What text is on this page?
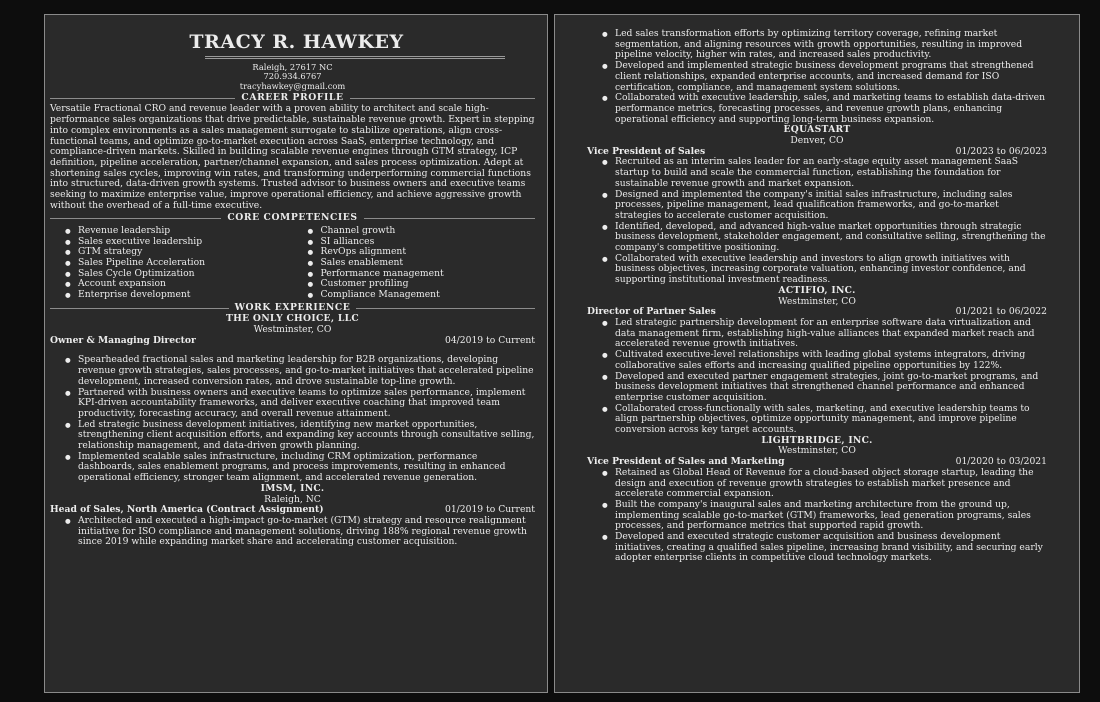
TRACY R. HAWKEY
Raleigh, 27617 NC
720.934.6767
tracyhawkey@gmail.com
CAREER PROFILE

Versatile Fractional CRO and revenue leader with a proven ability to architect and scale high-performance sales organizations that drive predictable, sustainable revenue growth. Expert in stepping into complex environments as a sales management surrogate to stabilize operations, align cross-functional teams, and optimize go-to-market execution across SaaS, enterprise technology, and compliance-driven markets. Skilled in building scalable revenue engines through GTM strategy, ICP definition, pipeline acceleration, partner/channel expansion, and sales process optimization. Adept at shortening sales cycles, improving win rates, and transforming underperforming commercial functions into structured, data-driven growth systems. Trusted advisor to business owners and executive teams seeking to maximize enterprise value, improve operational efficiency, and achieve aggressive growth without the overhead of a full-time executive.

CORE COMPETENCIES
● Revenue leadership
● Sales executive leadership
● GTM strategy
● Sales Pipeline Acceleration
● Sales Cycle Optimization
● Account expansion
● Enterprise development
● Channel growth
● SI alliances
● RevOps alignment
● Sales enablement
● Performance management
● Customer profiling
● Compliance Management
WORK EXPERIENCE
THE ONLY CHOICE, LLC
Westminster, CO
Owner & Managing Director	04/2019 to Current
● Spearheaded fractional sales and marketing leadership for B2B organizations, developing revenue growth strategies, sales processes, and go-to-market initiatives that accelerated pipeline development, increased conversion rates, and drove sustainable top-line growth.
● Partnered with business owners and executive teams to optimize sales performance, implement KPI-driven accountability frameworks, and deliver executive coaching that improved team productivity, forecasting accuracy, and overall revenue attainment.
● Led strategic business development initiatives, identifying new market opportunities, strengthening client acquisition efforts, and expanding key accounts through consultative selling, relationship management, and data-driven growth planning.
● Implemented scalable sales infrastructure, including CRM optimization, performance dashboards, sales enablement programs, and process improvements, resulting in enhanced operational efficiency, stronger team alignment, and accelerated revenue generation.
IMSM, INC.
Raleigh, NC
Head of Sales, North America (Contract Assignment)	01/2019 to Current
● Architected and executed a high-impact go-to-market (GTM) strategy and resource realignment initiative for ISO compliance and management solutions, driving 188% regional revenue growth since 2019 while expanding market share and accelerating customer acquisition.
● Led sales transformation efforts by optimizing territory coverage, refining market segmentation, and aligning resources with growth opportunities, resulting in improved pipeline velocity, higher win rates, and increased sales productivity.
● Developed and implemented strategic business development programs that strengthened client relationships, expanded enterprise accounts, and increased demand for ISO certification, compliance, and management system solutions.
● Collaborated with executive leadership, sales, and marketing teams to establish data-driven performance metrics, forecasting processes, and revenue growth plans, enhancing operational efficiency and supporting long-term business expansion.
EQUASTART
Denver, CO
Vice President of Sales	01/2023 to 06/2023
● Recruited as an interim sales leader for an early-stage equity asset management SaaS startup to build and scale the commercial function, establishing the foundation for sustainable revenue growth and market expansion.
● Designed and implemented the company's initial sales infrastructure, including sales processes, pipeline management, lead qualification frameworks, and go-to-market strategies to accelerate customer acquisition.
● Identified, developed, and advanced high-value market opportunities through strategic business development, stakeholder engagement, and consultative selling, strengthening the company's competitive positioning.
● Collaborated with executive leadership and investors to align growth initiatives with business objectives, increasing corporate valuation, enhancing investor confidence, and supporting institutional investment readiness.
ACTIFIO, INC.
Westminster, CO
Director of Partner Sales	01/2021 to 06/2022
● Led strategic partnership development for an enterprise software data virtualization and data management firm, establishing high-value alliances that expanded market reach and accelerated revenue growth initiatives.
● Cultivated executive-level relationships with leading global systems integrators, driving collaborative sales efforts and increasing qualified pipeline opportunities by 122%.
● Developed and executed partner engagement strategies, joint go-to-market programs, and business development initiatives that strengthened channel performance and enhanced enterprise customer acquisition.
● Collaborated cross-functionally with sales, marketing, and executive leadership teams to align partnership objectives, optimize opportunity management, and improve pipeline conversion across key target accounts.
LIGHTBRIDGE, INC.
Westminster, CO
Vice President of Sales and Marketing	01/2020 to 03/2021
● Retained as Global Head of Revenue for a cloud-based object storage startup, leading the design and execution of revenue growth strategies to establish market presence and accelerate commercial expansion.
● Built the company's inaugural sales and marketing architecture from the ground up, implementing scalable go-to-market (GTM) frameworks, lead generation programs, sales processes, and performance metrics that supported rapid growth.
● Developed and executed strategic customer acquisition and business development initiatives, creating a qualified sales pipeline, increasing brand visibility, and securing early adopter enterprise clients in competitive cloud technology markets.
